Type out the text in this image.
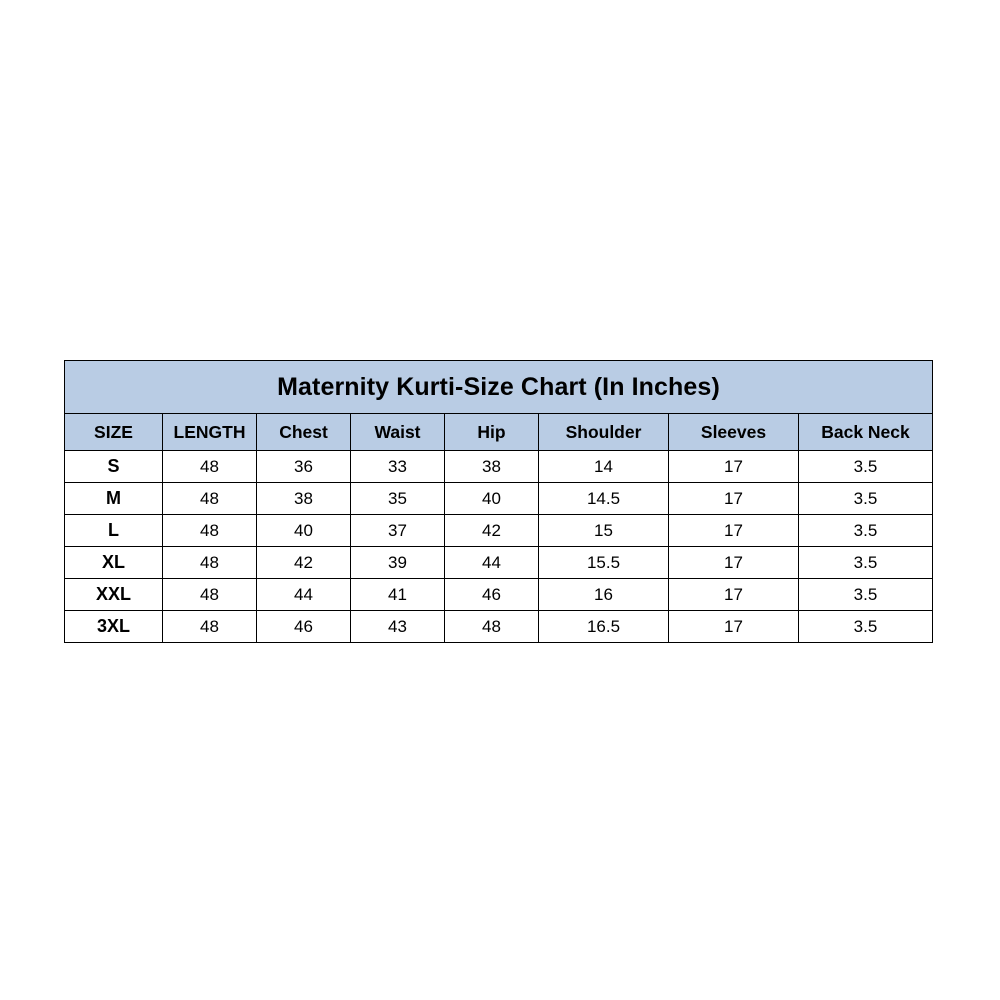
Maternity Kurti-Size Chart (In Inches)							
SIZE	LENGTH	Chest	Waist	Hip	Shoulder	Sleeves	Back Neck
S	48	36	33	38	14	17	3.5
M	48	38	35	40	14.5	17	3.5
L	48	40	37	42	15	17	3.5
XL	48	42	39	44	15.5	17	3.5
XXL	48	44	41	46	16	17	3.5
3XL	48	46	43	48	16.5	17	3.5
